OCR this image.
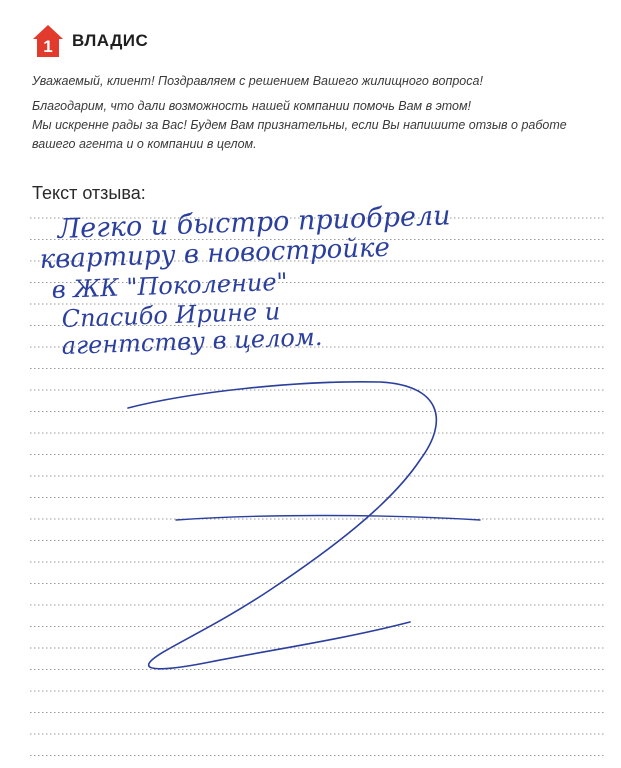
1 ВЛАДИС

Уважаемый, клиент! Поздравляем с решением Вашего жилищного вопроса!

Благодарим, что дали возможность нашей компании помочь Вам в этом!

Мы искренне рады за Вас! Будем Вам признательны, если Вы напишите отзыв о работе

вашего агента и о компании в целом.

Текст отзыва:
Легко и быстро приобрели
квартиру в новостройке
в ЖК "Поколение"
Спасибо Ирине и
агентству в целом.
